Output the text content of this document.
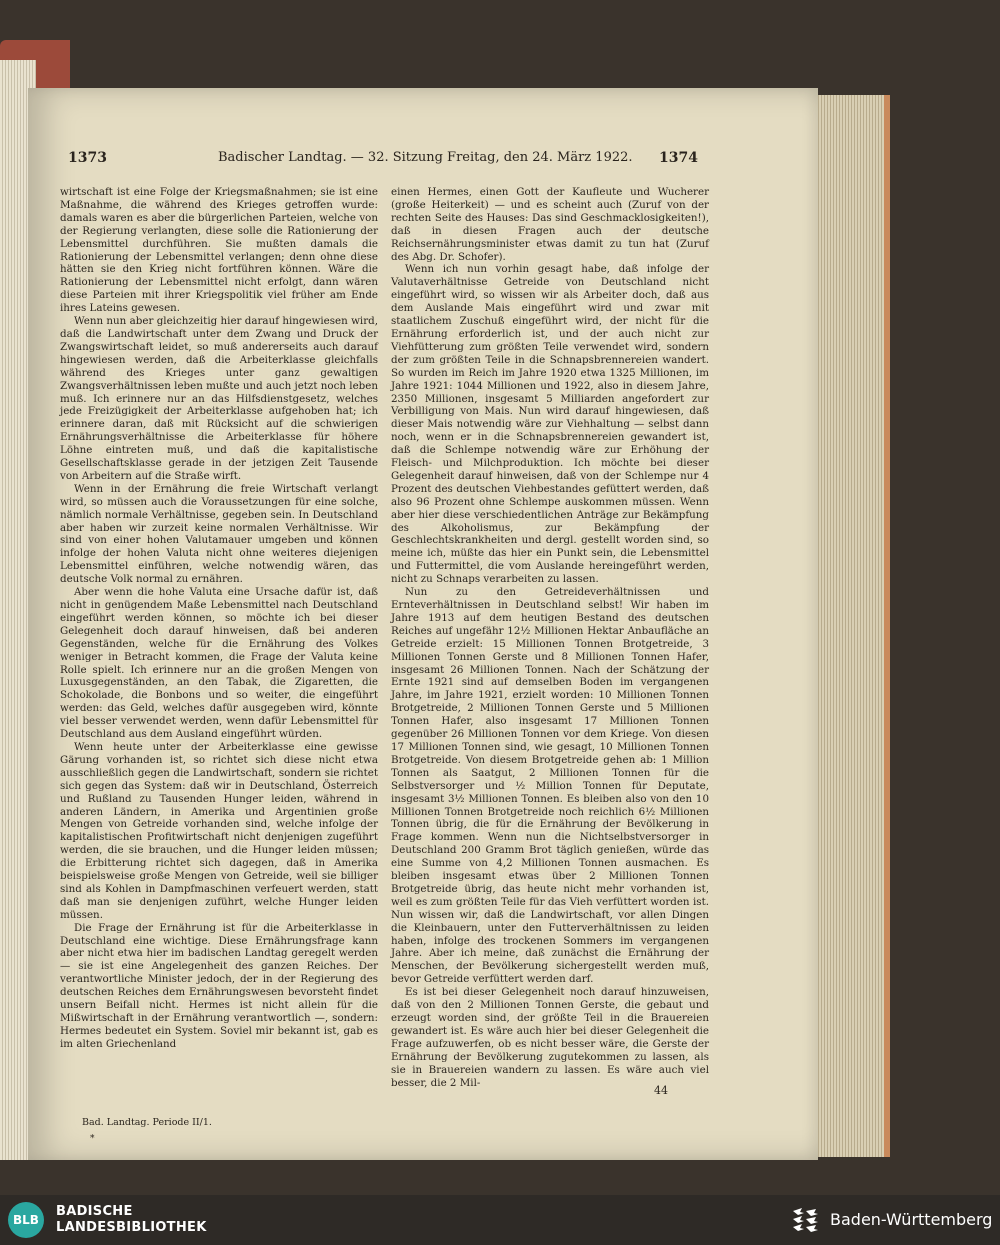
1373	Badischer Landtag. — 32. Sitzung Freitag, den 24. März 1922. 1374

wirtschaft ist eine Folge der Kriegsmaßnahmen; sie ist eine Maßnahme, die während des Krieges getroffen wurde: damals waren es aber die bürgerlichen Parteien, welche von der Regierung verlangten, diese solle die Rationierung der Lebensmittel durchführen. Sie mußten damals die Rationierung der Lebensmittel verlangen; denn ohne diese hätten sie den Krieg nicht fortführen können. Wäre die Rationierung der Lebensmittel nicht erfolgt, dann wären diese Parteien mit ihrer Kriegspolitik viel früher am Ende ihres Lateins gewesen.

Wenn nun aber gleichzeitig hier darauf hingewiesen wird, daß die Landwirtschaft unter dem Zwang und Druck der Zwangswirtschaft leidet, so muß andererseits auch darauf hingewiesen werden, daß die Arbeiterklasse gleichfalls während des Krieges unter ganz gewaltigen Zwangsverhältnissen leben mußte und auch jetzt noch leben muß. Ich erinnere nur an das Hilfsdienstgesetz, welches jede Freizügigkeit der Arbeiterklasse aufgehoben hat; ich erinnere daran, daß mit Rücksicht auf die schwierigen Ernährungsverhältnisse die Arbeiterklasse für höhere Löhne eintreten muß, und daß die kapitalistische Gesellschaftsklasse gerade in der jetzigen Zeit Tausende von Arbeitern auf die Straße wirft.

Wenn in der Ernährung die freie Wirtschaft verlangt wird, so müssen auch die Voraussetzungen für eine solche, nämlich normale Verhältnisse, gegeben sein. In Deutschland aber haben wir zurzeit keine normalen Verhältnisse. Wir sind von einer hohen Valutamauer umgeben und können infolge der hohen Valuta nicht ohne weiteres diejenigen Lebensmittel einführen, welche notwendig wären, das deutsche Volk normal zu ernähren.

Aber wenn die hohe Valuta eine Ursache dafür ist, daß nicht in genügendem Maße Lebensmittel nach Deutschland eingeführt werden können, so möchte ich bei dieser Gelegenheit doch darauf hinweisen, daß bei anderen Gegenständen, welche für die Ernährung des Volkes weniger in Betracht kommen, die Frage der Valuta keine Rolle spielt. Ich erinnere nur an die großen Mengen von Luxusgegenständen, an den Tabak, die Zigaretten, die Schokolade, die Bonbons und so weiter, die eingeführt werden: das Geld, welches dafür ausgegeben wird, könnte viel besser verwendet werden, wenn dafür Lebensmittel für Deutschland aus dem Ausland eingeführt würden.

Wenn heute unter der Arbeiterklasse eine gewisse Gärung vorhanden ist, so richtet sich diese nicht etwa ausschließlich gegen die Landwirtschaft, sondern sie richtet sich gegen das System: daß wir in Deutschland, Österreich und Rußland zu Tausenden Hunger leiden, während in anderen Ländern, in Amerika und Argentinien große Mengen von Getreide vorhanden sind, welche infolge der kapitalistischen Profitwirtschaft nicht denjenigen zugeführt werden, die sie brauchen, und die Hunger leiden müssen; die Erbitterung richtet sich dagegen, daß in Amerika beispielsweise große Mengen von Getreide, weil sie billiger sind als Kohlen in Dampfmaschinen verfeuert werden, statt daß man sie denjenigen zuführt, welche Hunger leiden müssen.

Die Frage der Ernährung ist für die Arbeiterklasse in Deutschland eine wichtige. Diese Ernährungsfrage kann aber nicht etwa hier im badischen Landtag geregelt werden — sie ist eine Angelegenheit des ganzen Reiches. Der verantwortliche Minister jedoch, der in der Regierung des deutschen Reiches dem Ernährungswesen bevorsteht findet unsern Beifall nicht. Hermes ist nicht allein für die Mißwirtschaft in der Ernährung verantwortlich —, sondern: Hermes bedeutet ein System. Soviel mir bekannt ist, gab es im alten Griechenland

einen Hermes, einen Gott der Kaufleute und Wucherer (große Heiterkeit) — und es scheint auch (Zuruf von der rechten Seite des Hauses: Das sind Geschmacklosigkeiten!), daß in diesen Fragen auch der deutsche Reichsernährungsminister etwas damit zu tun hat (Zuruf des Abg. Dr. Schofer).

Wenn ich nun vorhin gesagt habe, daß infolge der Valutaverhältnisse Getreide von Deutschland nicht eingeführt wird, so wissen wir als Arbeiter doch, daß aus dem Auslande Mais eingeführt wird und zwar mit staatlichem Zuschuß eingeführt wird, der nicht für die Ernährung erforderlich ist, und der auch nicht zur Viehfütterung zum größten Teile verwendet wird, sondern der zum größten Teile in die Schnapsbrennereien wandert. So wurden im Reich im Jahre 1920 etwa 1325 Millionen, im Jahre 1921: 1044 Millionen und 1922, also in diesem Jahre, 2350 Millionen, insgesamt 5 Milliarden angefordert zur Verbilligung von Mais. Nun wird darauf hingewiesen, daß dieser Mais notwendig wäre zur Viehhaltung — selbst dann noch, wenn er in die Schnapsbrennereien gewandert ist, daß die Schlempe notwendig wäre zur Erhöhung der Fleisch- und Milchproduktion. Ich möchte bei dieser Gelegenheit darauf hinweisen, daß von der Schlempe nur 4 Prozent des deutschen Viehbestandes gefüttert werden, daß also 96 Prozent ohne Schlempe auskommen müssen. Wenn aber hier diese verschiedentlichen Anträge zur Bekämpfung des Alkoholismus, zur Bekämpfung der Geschlechtskrankheiten und dergl. gestellt worden sind, so meine ich, müßte das hier ein Punkt sein, die Lebensmittel und Futtermittel, die vom Auslande hereingeführt werden, nicht zu Schnaps verarbeiten zu lassen.

Nun zu den Getreideverhältnissen und Ernteverhältnissen in Deutschland selbst! Wir haben im Jahre 1913 auf dem heutigen Bestand des deutschen Reiches auf ungefähr 12½ Millionen Hektar Anbaufläche an Getreide erzielt: 15 Millionen Tonnen Brotgetreide, 3 Millionen Tonnen Gerste und 8 Millionen Tonnen Hafer, insgesamt 26 Millionen Tonnen. Nach der Schätzung der Ernte 1921 sind auf demselben Boden im vergangenen Jahre, im Jahre 1921, erzielt worden: 10 Millionen Tonnen Brotgetreide, 2 Millionen Tonnen Gerste und 5 Millionen Tonnen Hafer, also insgesamt 17 Millionen Tonnen gegenüber 26 Millionen Tonnen vor dem Kriege. Von diesen 17 Millionen Tonnen sind, wie gesagt, 10 Millionen Tonnen Brotgetreide. Von diesem Brotgetreide gehen ab: 1 Million Tonnen als Saatgut, 2 Millionen Tonnen für die Selbstversorger und ½ Million Tonnen für Deputate, insgesamt 3½ Millionen Tonnen. Es bleiben also von den 10 Millionen Tonnen Brotgetreide noch reichlich 6½ Millionen Tonnen übrig, die für die Ernährung der Bevölkerung in Frage kommen. Wenn nun die Nichtselbstversorger in Deutschland 200 Gramm Brot täglich genießen, würde das eine Summe von 4,2 Millionen Tonnen ausmachen. Es bleiben insgesamt etwas über 2 Millionen Tonnen Brotgetreide übrig, das heute nicht mehr vorhanden ist, weil es zum größten Teile für das Vieh verfüttert worden ist. Nun wissen wir, daß die Landwirtschaft, vor allen Dingen die Kleinbauern, unter den Futterverhältnissen zu leiden haben, infolge des trockenen Sommers im vergangenen Jahre. Aber ich meine, daß zunächst die Ernährung der Menschen, der Bevölkerung sichergestellt werden muß, bevor Getreide verfüttert werden darf.

Es ist bei dieser Gelegenheit noch darauf hinzuweisen, daß von den 2 Millionen Tonnen Gerste, die gebaut und erzeugt worden sind, der größte Teil in die Brauereien gewandert ist. Es wäre auch hier bei dieser Gelegenheit die Frage aufzuwerfen, ob es nicht besser wäre, die Gerste der Ernährung der Bevölkerung zugutekommen zu lassen, als sie in Brauereien wandern zu lassen. Es wäre auch viel besser, die 2 Mil-

44
Bad. Landtag. Periode II/1.
*
BLB
BADISCHE
LANDESBIBLIOTHEK	Baden-Württemberg
